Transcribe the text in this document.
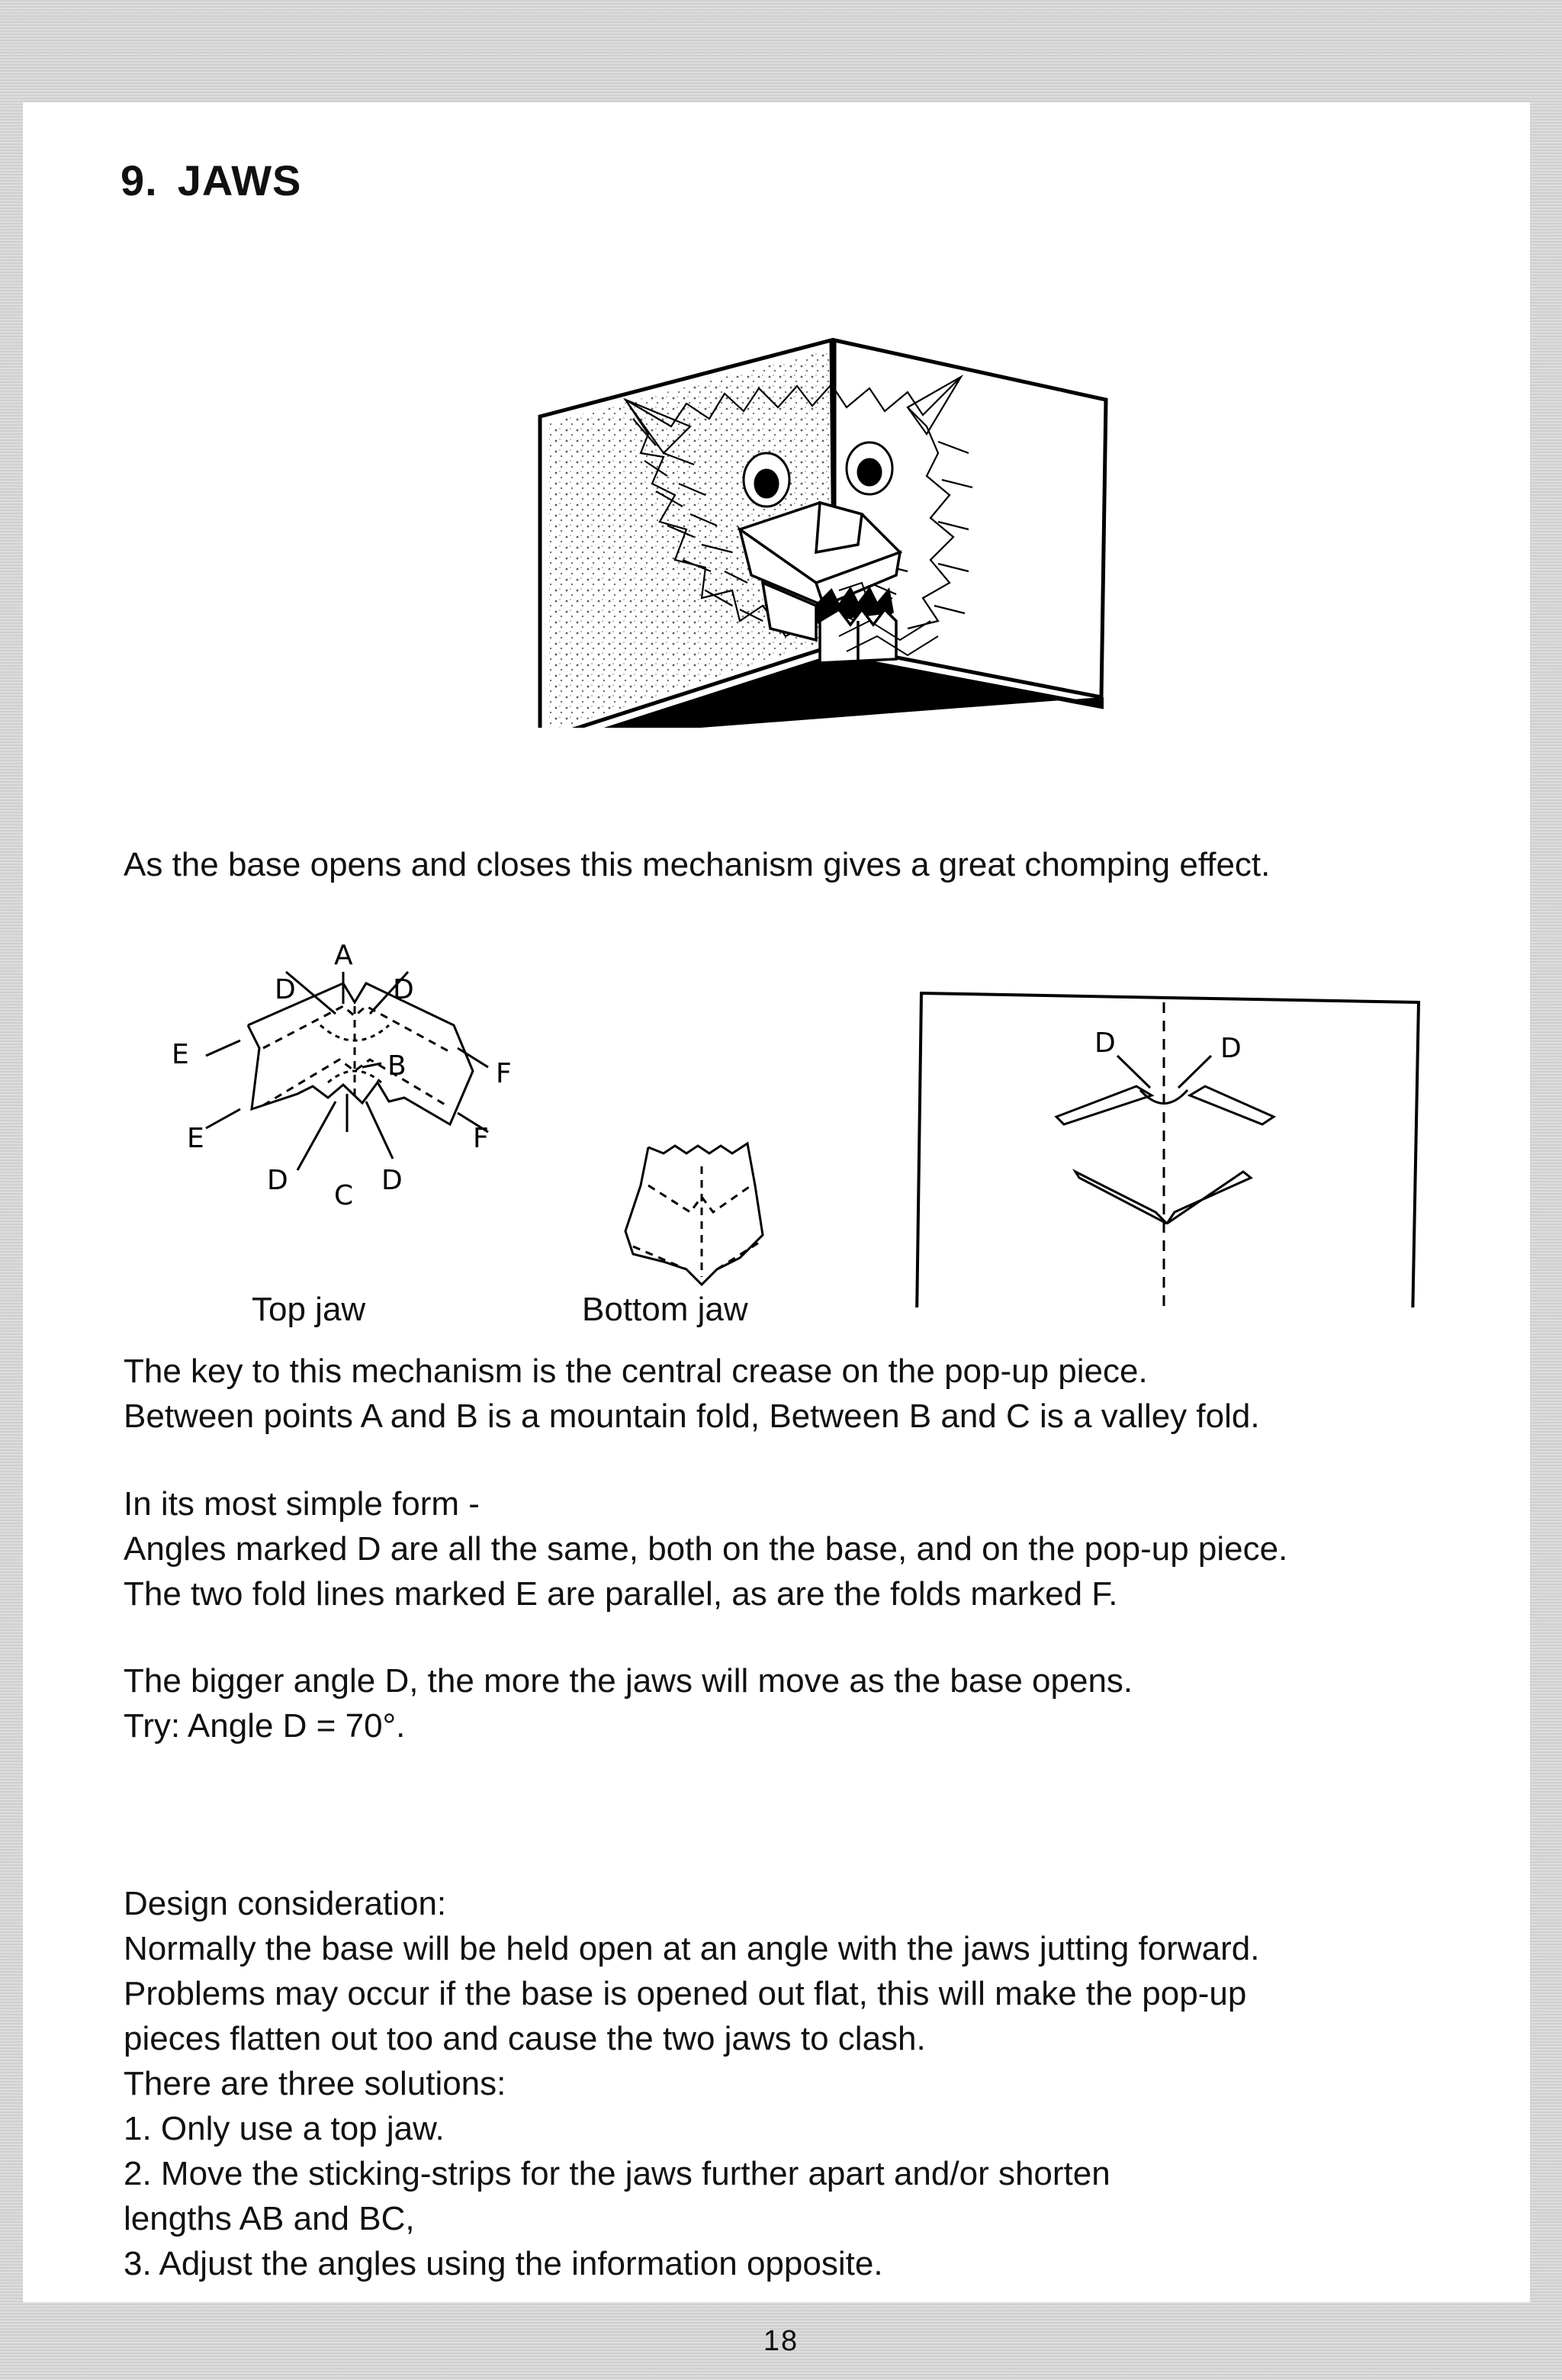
9. JAWS

As the base opens and closes this mechanism gives a great chomping effect.

A
D	D
B
E
E
F
F
D	D
C
D	D
Top jaw	Bottom jaw

The key to this mechanism is the central crease on the pop-up piece.

Between points A and B is a mountain fold, Between B and C is a valley fold.

In its most simple form -

Angles marked D are all the same, both on the base, and on the pop-up piece.

The two fold lines marked E are parallel, as are the folds marked F.

The bigger angle D, the more the jaws will move as the base opens.

Try: Angle D = 70°.

Design consideration:

Normally the base will be held open at an angle with the jaws jutting forward.

Problems may occur if the base is opened out flat, this will make the pop-up

pieces flatten out too and cause the two jaws to clash.

There are three solutions:

1. Only use a top jaw.

2. Move the sticking-strips for the jaws further apart and/or shorten

lengths AB and BC,

3. Adjust the angles using the information opposite.

18
